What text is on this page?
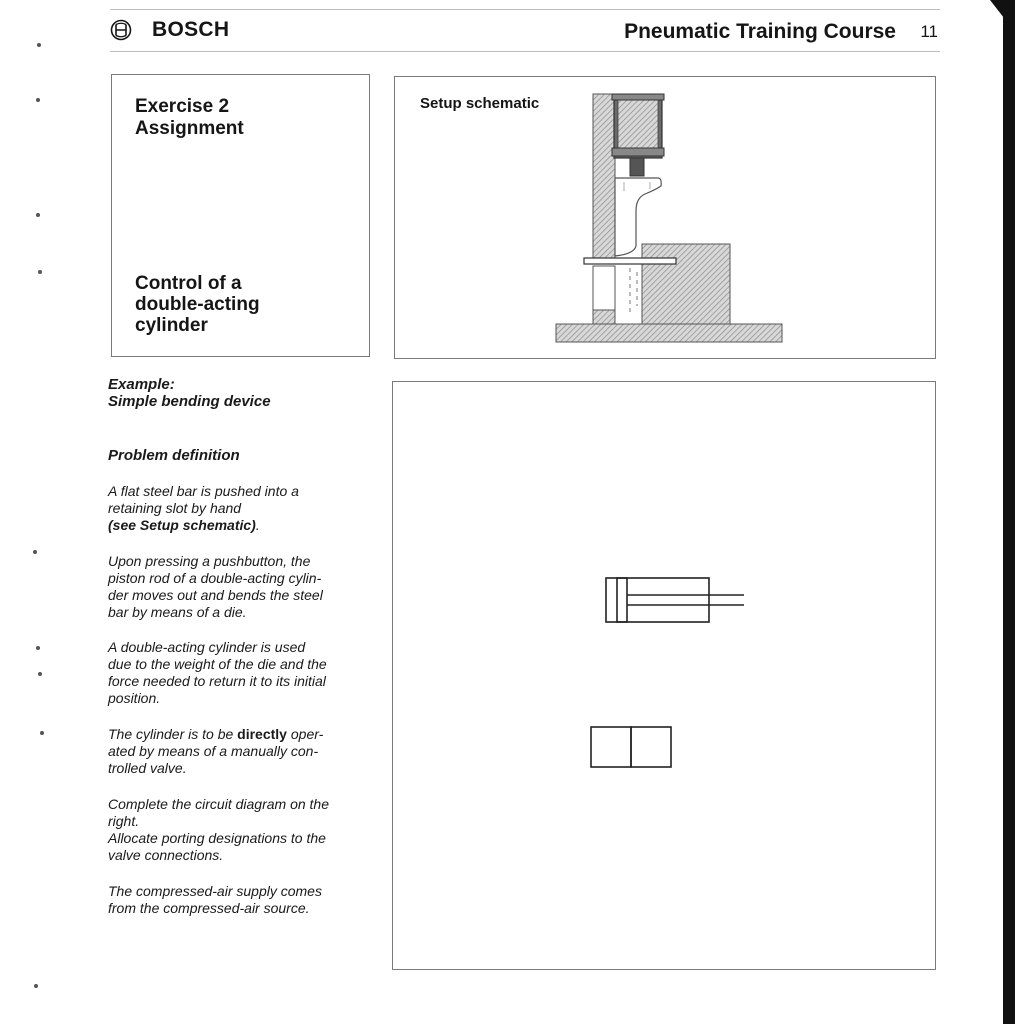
BOSCH	Pneumatic Training Course 11
Exercise 2
Assignment
Control of a
double-acting
cylinder
Setup schematic
Example:
Simple bending device
Problem definition
A flat steel bar is pushed into a
retaining slot by hand
(see Setup schematic).
Upon pressing a pushbutton, the
piston rod of a double-acting cylin-
der moves out and bends the steel
bar by means of a die.
A double-acting cylinder is used
due to the weight of the die and the
force needed to return it to its initial
position.
The cylinder is to be directly oper-
ated by means of a manually con-
trolled valve.
Complete the circuit diagram on the
right.
Allocate porting designations to the
valve connections.
The compressed-air supply comes
from the compressed-air source.
